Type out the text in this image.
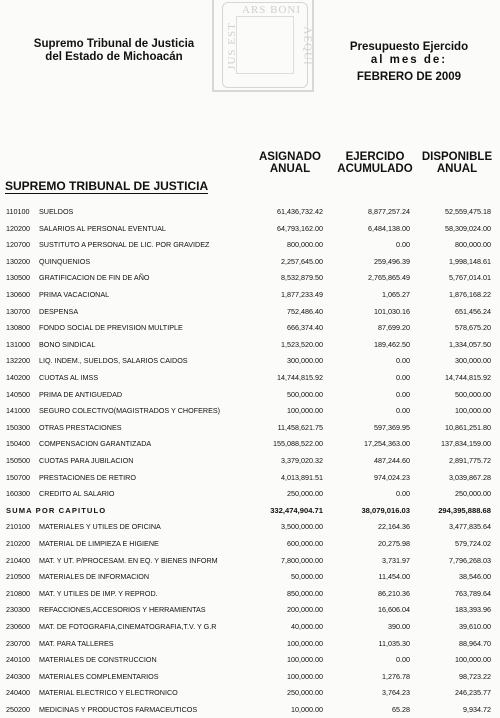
ARS BONI
JUS EST	AEQUI
Supremo Tribunal de Justicia
del Estado de Michoacán
Presupuesto Ejercido
al mes de:
FEBRERO DE 2009
ASIGNADO
ANUAL
EJERCIDO
ACUMULADO
DISPONIBLE
ANUAL
SUPREMO TRIBUNAL DE JUSTICIA
110100 SUELDOS	61,436,732.42	8,877,257.24	52,559,475.18
120200 SALARIOS AL PERSONAL EVENTUAL	64,793,162.00	6,484,138.00	58,309,024.00
120700 SUSTITUTO A PERSONAL DE LIC. POR GRAVIDEZ	800,000.00	0.00	800,000.00
130200 QUINQUENIOS	2,257,645.00	259,496.39	1,998,148.61
130500 GRATIFICACION DE FIN DE AÑO	8,532,879.50	2,765,865.49	5,767,014.01
130600 PRIMA VACACIONAL	1,877,233.49	1,065.27	1,876,168.22
130700 DESPENSA	752,486.40	101,030.16	651,456.24
130800 FONDO SOCIAL DE PREVISION MULTIPLE	666,374.40	87,699.20	578,675.20
131000 BONO SINDICAL	1,523,520.00	189,462.50	1,334,057.50
132200 LIQ. INDEM., SUELDOS, SALARIOS CAIDOS	300,000.00	0.00	300,000.00
140200 CUOTAS AL IMSS	14,744,815.92	0.00	14,744,815.92
140500 PRIMA DE ANTIGUEDAD	500,000.00	0.00	500,000.00
141000 SEGURO COLECTIVO(MAGISTRADOS Y CHOFERES)	100,000.00	0.00	100,000.00
150300 OTRAS PRESTACIONES	11,458,621.75	597,369.95	10,861,251.80
150400 COMPENSACION GARANTIZADA	155,088,522.00	17,254,363.00	137,834,159.00
150500 CUOTAS PARA JUBILACION	3,379,020.32	487,244.60	2,891,775.72
150700 PRESTACIONES DE RETIRO	4,013,891.51	974,024.23	3,039,867.28
160300 CREDITO AL SALARIO	250,000.00	0.00	250,000.00
SUMA POR CAPITULO	332,474,904.71	38,079,016.03	294,395,888.68
210100 MATERIALES Y UTILES DE OFICINA	3,500,000.00	22,164.36	3,477,835.64
210200 MATERIAL DE LIMPIEZA E HIGIENE	600,000.00	20,275.98	579,724.02
210400 MAT. Y UT. P/PROCESAM. EN EQ. Y BIENES INFORM	7,800,000.00	3,731.97	7,796,268.03
210500 MATERIALES DE INFORMACION	50,000.00	11,454.00	38,546.00
210800 MAT. Y UTILES DE IMP. Y REPROD.	850,000.00	86,210.36	763,789.64
230300 REFACCIONES,ACCESORIOS Y HERRAMIENTAS	200,000.00	16,606.04	183,393.96
230600 MAT. DE FOTOGRAFIA,CINEMATOGRAFIA,T.V. Y G.R	40,000.00	390.00	39,610.00
230700 MAT. PARA TALLERES	100,000.00	11,035.30	88,964.70
240100 MATERIALES DE CONSTRUCCION	100,000.00	0.00	100,000.00
240300 MATERIALES COMPLEMENTARIOS	100,000.00	1,276.78	98,723.22
240400 MATERIAL ELECTRICO Y ELECTRONICO	250,000.00	3,764.23	246,235.77
250200 MEDICINAS Y PRODUCTOS FARMACEUTICOS	10,000.00	65.28	9,934.72
